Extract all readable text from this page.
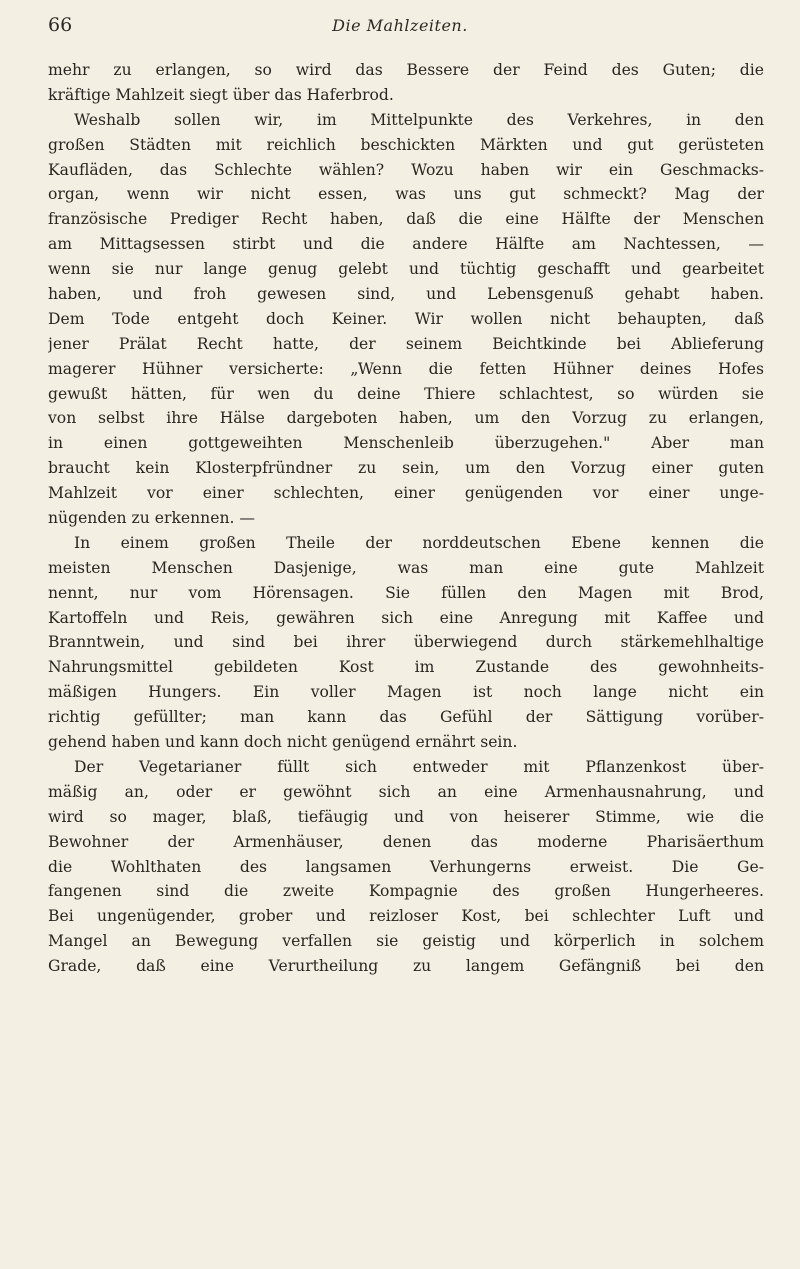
66	Die Mahlzeiten.
mehr zu erlangen, so wird das Bessere der Feind des Guten; die
kräftige Mahlzeit siegt über das Haferbrod.
Weshalb sollen wir, im Mittelpunkte des Verkehres, in den
großen Städten mit reichlich beschickten Märkten und gut gerüsteten
Kaufläden, das Schlechte wählen? Wozu haben wir ein Geschmacks-
organ, wenn wir nicht essen, was uns gut schmeckt? Mag der
französische Prediger Recht haben, daß die eine Hälfte der Menschen
am Mittagsessen stirbt und die andere Hälfte am Nachtessen, —
wenn sie nur lange genug gelebt und tüchtig geschafft und gearbeitet
haben, und froh gewesen sind, und Lebensgenuß gehabt haben.
Dem Tode entgeht doch Keiner. Wir wollen nicht behaupten, daß
jener Prälat Recht hatte, der seinem Beichtkinde bei Ablieferung
magerer Hühner versicherte: „Wenn die fetten Hühner deines Hofes
gewußt hätten, für wen du deine Thiere schlachtest, so würden sie
von selbst ihre Hälse dargeboten haben, um den Vorzug zu erlangen,
in einen gottgeweihten Menschenleib überzugehen." Aber man
braucht kein Klosterpfründner zu sein, um den Vorzug einer guten
Mahlzeit vor einer schlechten, einer genügenden vor einer unge-
nügenden zu erkennen. —
In einem großen Theile der norddeutschen Ebene kennen die
meisten Menschen Dasjenige, was man eine gute Mahlzeit
nennt, nur vom Hörensagen. Sie füllen den Magen mit Brod,
Kartoffeln und Reis, gewähren sich eine Anregung mit Kaffee und
Branntwein, und sind bei ihrer überwiegend durch stärkemehlhaltige
Nahrungsmittel gebildeten Kost im Zustande des gewohnheits-
mäßigen Hungers. Ein voller Magen ist noch lange nicht ein
richtig gefüllter; man kann das Gefühl der Sättigung vorüber-
gehend haben und kann doch nicht genügend ernährt sein.
Der Vegetarianer füllt sich entweder mit Pflanzenkost über-
mäßig an, oder er gewöhnt sich an eine Armenhausnahrung, und
wird so mager, blaß, tiefäugig und von heiserer Stimme, wie die
Bewohner der Armenhäuser, denen das moderne Pharisäerthum
die Wohlthaten des langsamen Verhungerns erweist. Die Ge-
fangenen sind die zweite Kompagnie des großen Hungerheeres.
Bei ungenügender, grober und reizloser Kost, bei schlechter Luft und
Mangel an Bewegung verfallen sie geistig und körperlich in solchem
Grade, daß eine Verurtheilung zu langem Gefängniß bei den
